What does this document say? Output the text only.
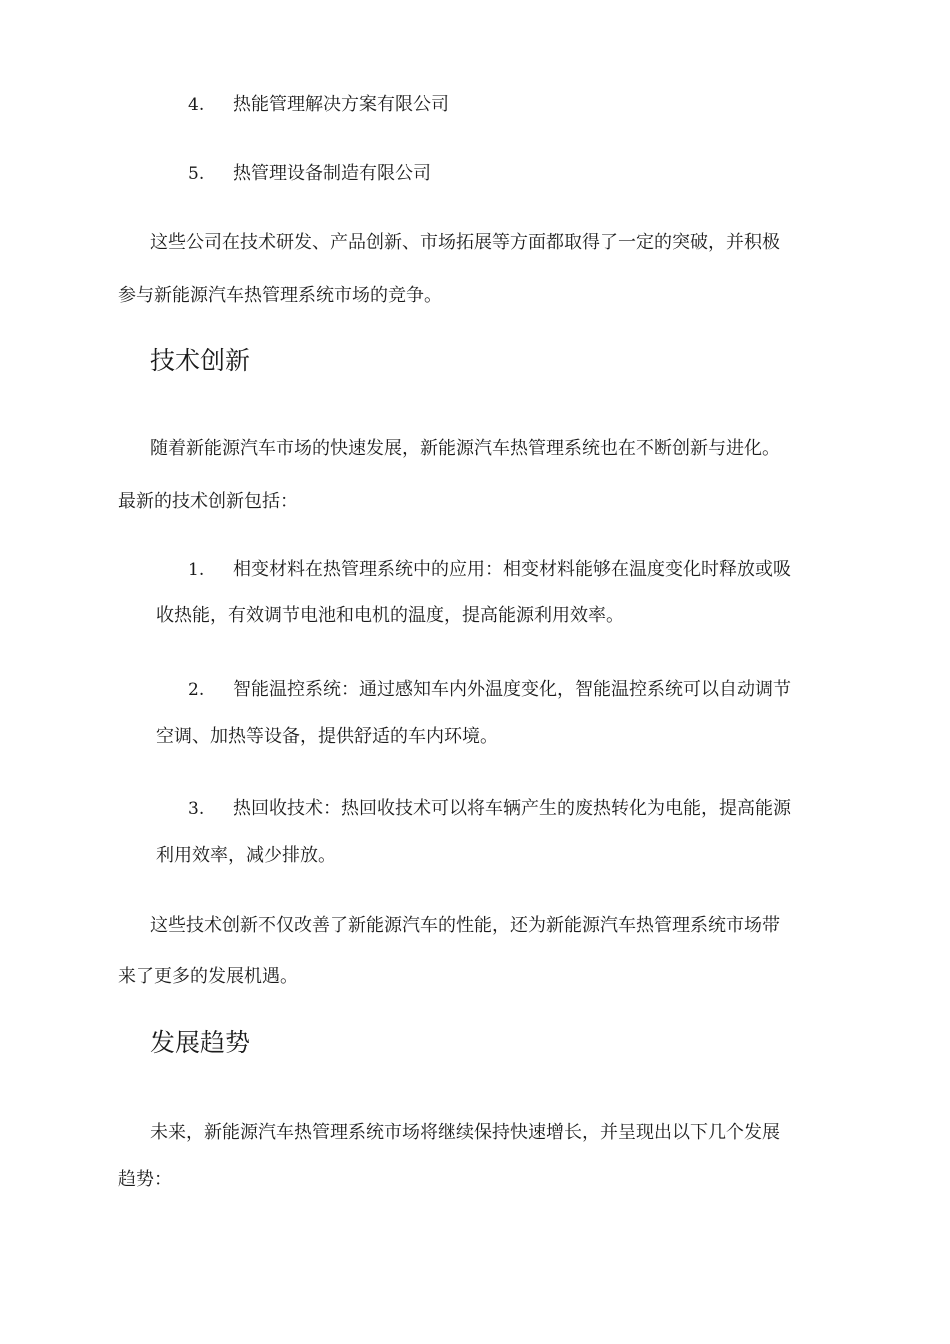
4. 热能管理解决方案有限公司
5. 热管理设备制造有限公司
这些公司在技术研发、产品创新、市场拓展等方面都取得了一定的突破，并积极
参与新能源汽车热管理系统市场的竞争。
技术创新
随着新能源汽车市场的快速发展，新能源汽车热管理系统也在不断创新与进化。
最新的技术创新包括：
1. 相变材料在热管理系统中的应用：相变材料能够在温度变化时释放或吸
收热能，有效调节电池和电机的温度，提高能源利用效率。
2. 智能温控系统：通过感知车内外温度变化，智能温控系统可以自动调节
空调、加热等设备，提供舒适的车内环境。
3. 热回收技术：热回收技术可以将车辆产生的废热转化为电能，提高能源
利用效率，减少排放。
这些技术创新不仅改善了新能源汽车的性能，还为新能源汽车热管理系统市场带
来了更多的发展机遇。
发展趋势
未来，新能源汽车热管理系统市场将继续保持快速增长，并呈现出以下几个发展
趋势：
